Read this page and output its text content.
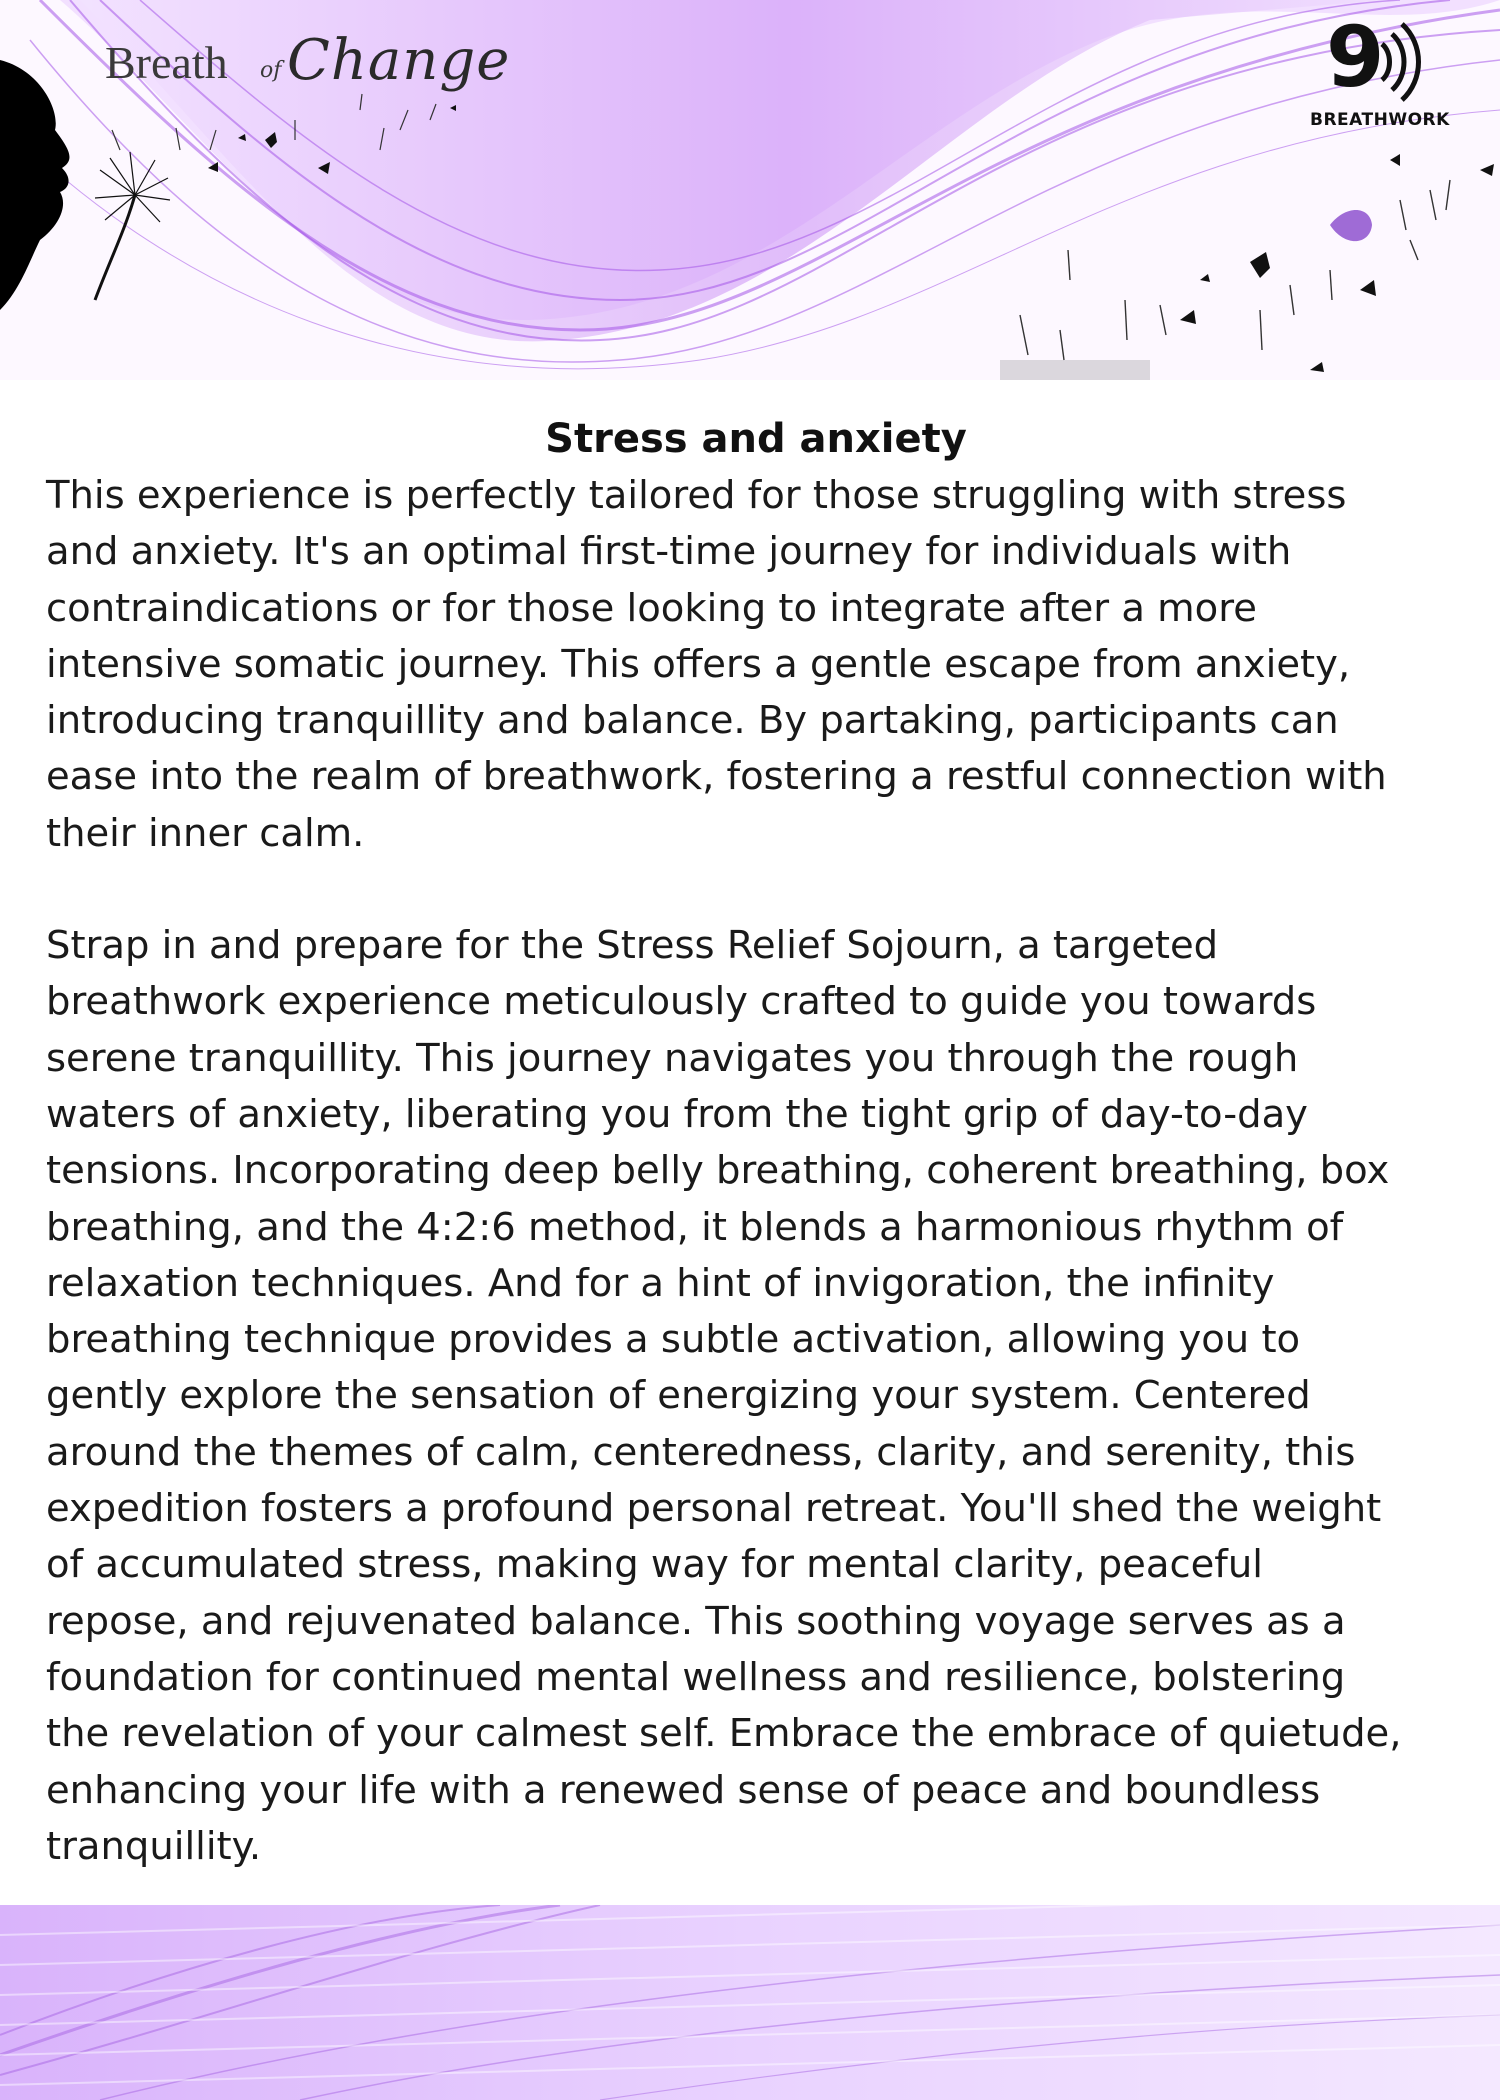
Breath of Change	9
BREATHWORK
Stress and anxiety

This experience is perfectly tailored for those struggling with stress
and anxiety. It's an optimal first-time journey for individuals with
contraindications or for those looking to integrate after a more
intensive somatic journey. This offers a gentle escape from anxiety,
introducing tranquillity and balance. By partaking, participants can
ease into the realm of breathwork, fostering a restful connection with
their inner calm.

Strap in and prepare for the Stress Relief Sojourn, a targeted
breathwork experience meticulously crafted to guide you towards
serene tranquillity. This journey navigates you through the rough
waters of anxiety, liberating you from the tight grip of day-to-day
tensions. Incorporating deep belly breathing, coherent breathing, box
breathing, and the 4:2:6 method, it blends a harmonious rhythm of
relaxation techniques. And for a hint of invigoration, the infinity
breathing technique provides a subtle activation, allowing you to
gently explore the sensation of energizing your system. Centered
around the themes of calm, centeredness, clarity, and serenity, this
expedition fosters a profound personal retreat. You'll shed the weight
of accumulated stress, making way for mental clarity, peaceful
repose, and rejuvenated balance. This soothing voyage serves as a
foundation for continued mental wellness and resilience, bolstering
the revelation of your calmest self. Embrace the embrace of quietude,
enhancing your life with a renewed sense of peace and boundless
tranquillity.
